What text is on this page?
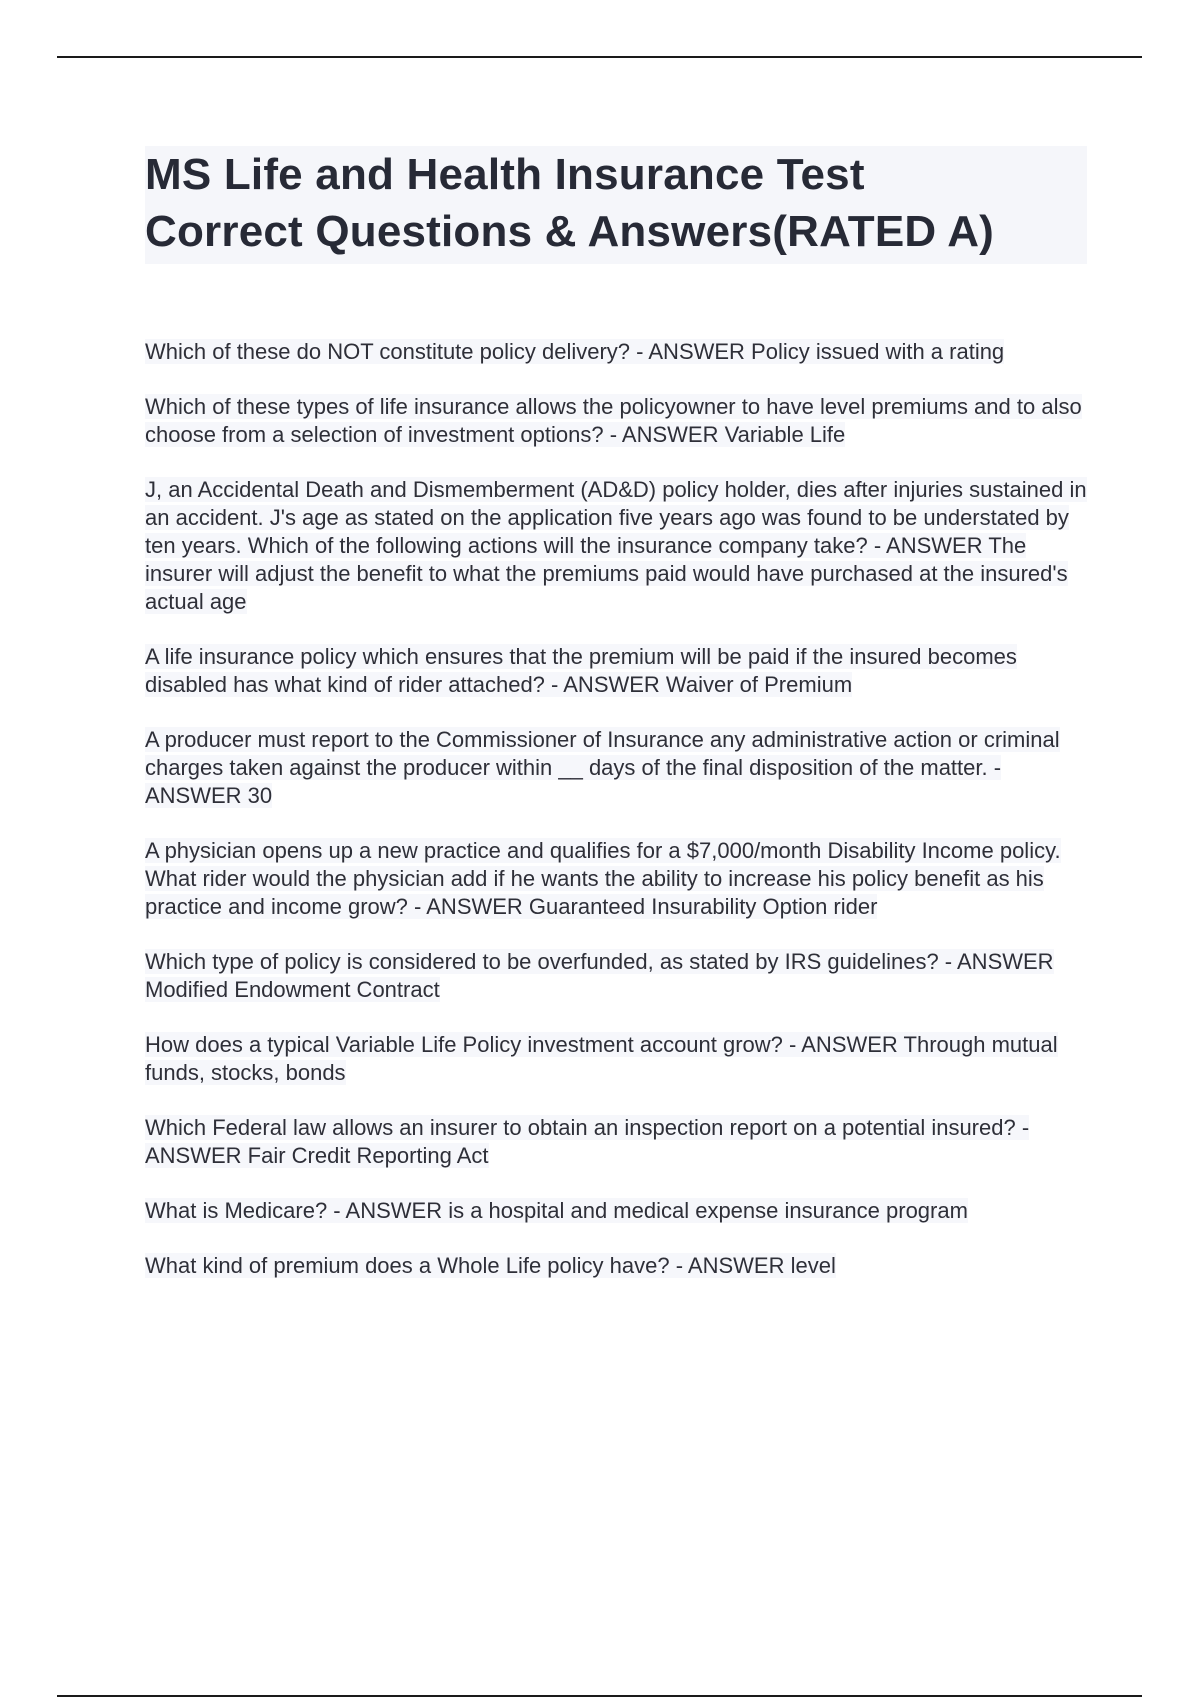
MS Life and Health Insurance Test
Correct Questions & Answers(RATED A)

Which of these do NOT constitute policy delivery? - ANSWER Policy issued with a rating

Which of these types of life insurance allows the policyowner to have level premiums and to also choose from a selection of investment options? - ANSWER Variable Life

J, an Accidental Death and Dismemberment (AD&D) policy holder, dies after injuries sustained in an accident. J's age as stated on the application five years ago was found to be understated by ten years. Which of the following actions will the insurance company take? - ANSWER The insurer will adjust the benefit to what the premiums paid would have purchased at the insured's actual age

A life insurance policy which ensures that the premium will be paid if the insured becomes disabled has what kind of rider attached? - ANSWER Waiver of Premium

A producer must report to the Commissioner of Insurance any administrative action or criminal charges taken against the producer within __ days of the final disposition of the matter. - ANSWER 30

A physician opens up a new practice and qualifies for a $7,000/month Disability Income policy. What rider would the physician add if he wants the ability to increase his policy benefit as his practice and income grow? - ANSWER Guaranteed Insurability Option rider

Which type of policy is considered to be overfunded, as stated by IRS guidelines? - ANSWER Modified Endowment Contract

How does a typical Variable Life Policy investment account grow? - ANSWER Through mutual funds, stocks, bonds

Which Federal law allows an insurer to obtain an inspection report on a potential insured? - ANSWER Fair Credit Reporting Act

What is Medicare? - ANSWER is a hospital and medical expense insurance program

What kind of premium does a Whole Life policy have? - ANSWER level
